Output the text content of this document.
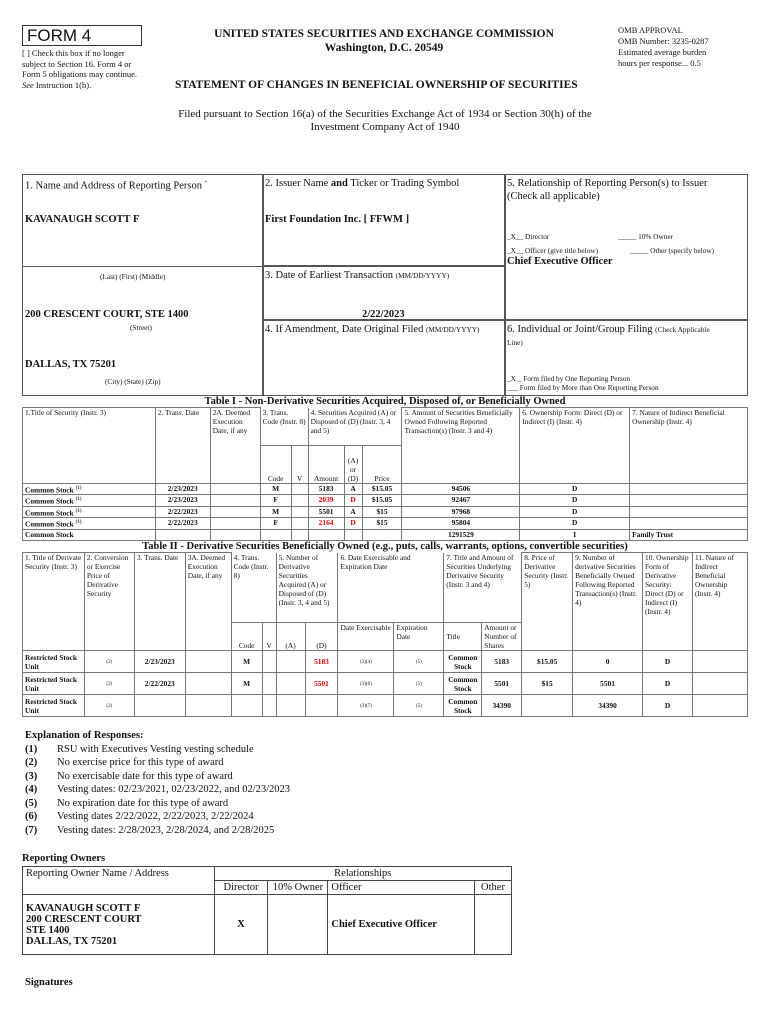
FORM 4
[ ] Check this box if no longer subject to Section 16. Form 4 or Form 5 obligations may continue. See Instruction 1(b).
UNITED STATES SECURITIES AND EXCHANGE COMMISSION
Washington, D.C. 20549
OMB APPROVAL
OMB Number: 3235-0287
Estimated average burden
hours per response... 0.5
STATEMENT OF CHANGES IN BENEFICIAL OWNERSHIP OF SECURITIES
Filed pursuant to Section 16(a) of the Securities Exchange Act of 1934 or Section 30(h) of the
Investment Company Act of 1940
1. Name and Address of Reporting Person *
KAVANAUGH SCOTT F
(Last) (First) (Middle)
200 CRESCENT COURT, STE 1400
(Street)
DALLAS, TX 75201
(City) (State) (Zip)
2. Issuer Name and Ticker or Trading Symbol
First Foundation Inc. [ FFWM ]
3. Date of Earliest Transaction (MM/DD/YYYY)
2/22/2023
4. If Amendment, Date Original Filed (MM/DD/YYYY)
5. Relationship of Reporting Person(s) to Issuer
(Check all applicable)
_X__ Director	_____ 10% Owner
_X__ Officer (give title below)	_____ Other (specify below)
Chief Executive Officer
6. Individual or Joint/Group Filing (Check Applicable
Line)
_X _ Form filed by One Reporting Person
___ Form filed by More than One Reporting Person
Table I - Non-Derivative Securities Acquired, Disposed of, or Beneficially Owned
1.Title of Security (Instr. 3)	2. Trans. Date	2A. Deemed Execution Date, if any	3. Trans. Code (Instr. 8)		4. Securities Acquired (A) or Disposed of (D) (Instr. 3, 4 and 5)			5. Amount of Securities Beneficially Owned Following Reported Transaction(s) (Instr. 3 and 4)	6. Ownership Form: Direct (D) or Indirect (I) (Instr. 4)	7. Nature of Indirect Beneficial Ownership (Instr. 4)
			Code	V	Amount	(A) or (D)	Price			
Common Stock $^{(1)}$	2/23/2023		M		5183	A	$15.05	94506	D	
Common Stock $^{(1)}$	2/23/2023		F		2039	D	$15.05	92467	D	
Common Stock $^{(1)}$	2/22/2023		M		5501	A	$15	97968	D	
Common Stock $^{(1)}$	2/22/2023		F		2164	D	$15	95804	D	
Common Stock								1291529	I	Family Trust
Table II - Derivative Securities Beneficially Owned (e.g., puts, calls, warrants, options, convertible securities)
1. Title of Derivate Security (Instr. 3)	2. Conversion or Exercise Price of Derivative Security	3. Trans. Date	3A. Deemed Execution Date, if any	4. Trans. Code (Instr. 8)		5. Number of Derivative Securities Acquired (A) or Disposed of (D) (Instr. 3, 4 and 5)		6. Date Exercisable and Expiration Date		7. Title and Amount of Securities Underlying Derivative Security (Instr. 3 and 4)		8. Price of Derivative Security (Instr. 5)	9. Number of derivative Securities Beneficially Owned Following Reported Transaction(s) (Instr. 4)	10. Ownership Form of Derivative Security: Direct (D) or Indirect (I) (Instr. 4)	11. Nature of Indirect Beneficial Ownership (Instr. 4)
				Code	V	(A)	(D)	Date Exercisable	Expiration Date	Title	Amount or Number of Shares				
Restricted Stock Unit	(2)	2/23/2023		M			5183	(3)(4)	(5)	Common Stock	5183	$15.05	0	D	
Restricted Stock Unit	(2)	2/22/2023		M			5501	(3)(6)	(5)	Common Stock	5501	$15	5501	D	
Restricted Stock Unit	(2)							(3)(7)	(5)	Common Stock	34390		34390	D	
Explanation of Responses:
(1) RSU with Executives Vesting vesting schedule
(2) No exercise price for this type of award
(3) No exercisable date for this type of award
(4) Vesting dates: 02/23/2021, 02/23/2022, and 02/23/2023
(5) No expiration date for this type of award
(6) Vesting dates 2/22/2022, 2/22/2023, 2/22/2024
(7) Vesting dates: 2/28/2023, 2/28/2024, and 2/28/2025
Reporting Owners
Reporting Owner Name / Address	Relationships			
	Director	10% Owner	Officer	Other

KAVANAUGH SCOTT F
200 CRESCENT COURT
STE 1400
DALLAS, TX 75201	X		Chief Executive Officer	
Signatures
